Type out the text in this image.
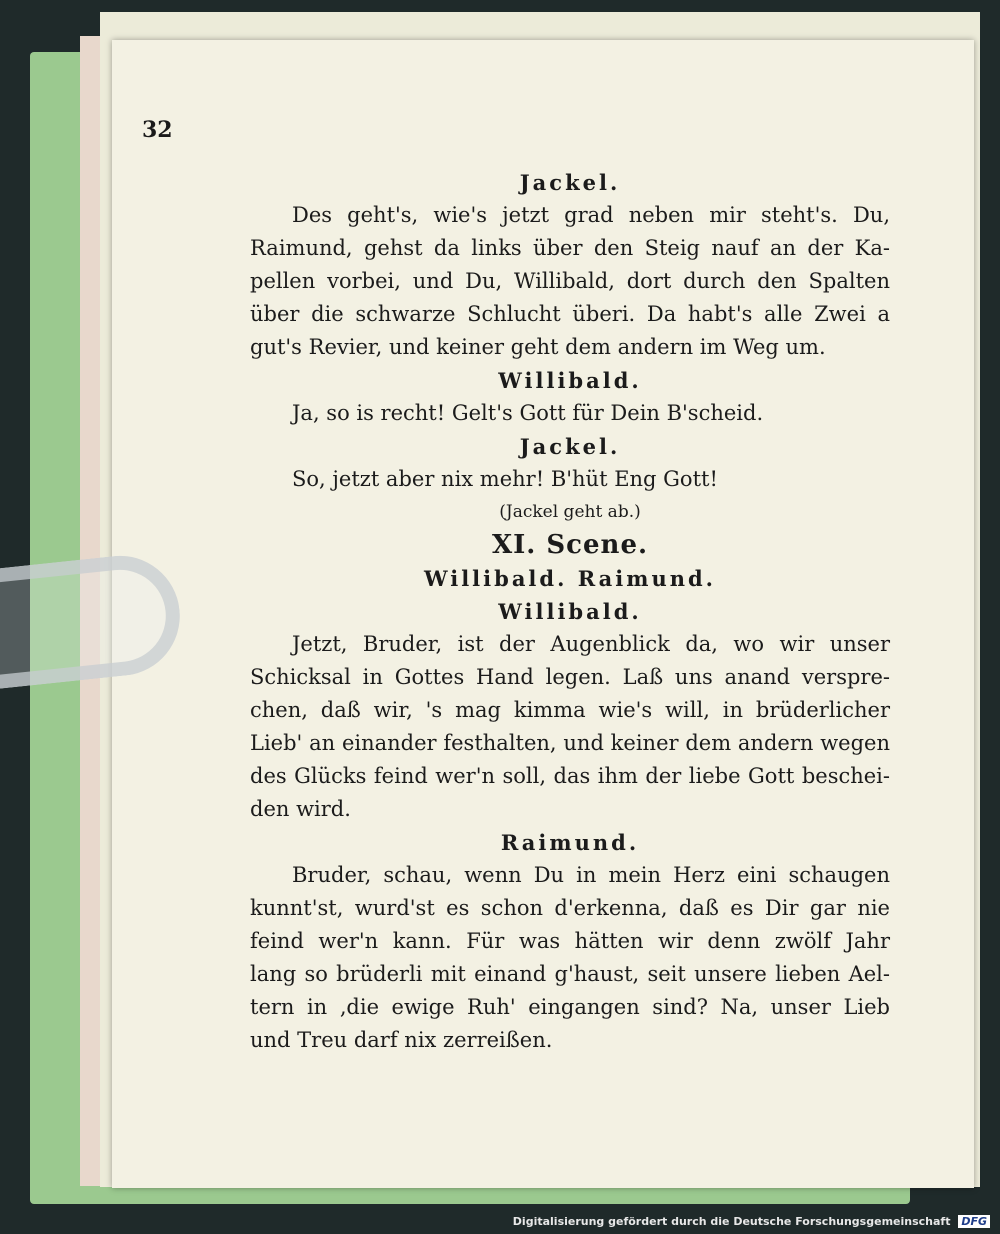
32
Jackel.
Des geht's, wie's jetzt grad neben mir steht's. Du,
Raimund, gehst da links über den Steig nauf an der Ka-
pellen vorbei, und Du, Willibald, dort durch den Spalten
über die schwarze Schlucht überi. Da habt's alle Zwei a
gut's Revier, und keiner geht dem andern im Weg um.
Willibald.
Ja, so is recht! Gelt's Gott für Dein B'scheid.
Jackel.
So, jetzt aber nix mehr! B'hüt Eng Gott!
(Jackel geht ab.)
XI. Scene.
Willibald. Raimund.
Willibald.
Jetzt, Bruder, ist der Augenblick da, wo wir unser
Schicksal in Gottes Hand legen. Laß uns anand versprе-
chen, daß wir, 's mag kimma wie's will, in brüderlicher
Lieb' an einander festhalten, und keiner dem andern wegen
des Glücks feind wer'n soll, das ihm der liebe Gott beschei-
den wird.
Raimund.
Bruder, schau, wenn Du in mein Herz eini schaugen
kunnt'st, wurd'st es schon d'erkenna, daß es Dir gar nie
feind wer'n kann. Für was hätten wir denn zwölf Jahr
lang so brüderli mit einand g'haust, seit unsere lieben Ael-
tern in ‚die ewige Ruh' eingangen sind? Na, unser Lieb
und Treu darf nix zerreißen.
Digitalisierung gefördert durch die Deutsche Forschungsgemeinschaft DFG
